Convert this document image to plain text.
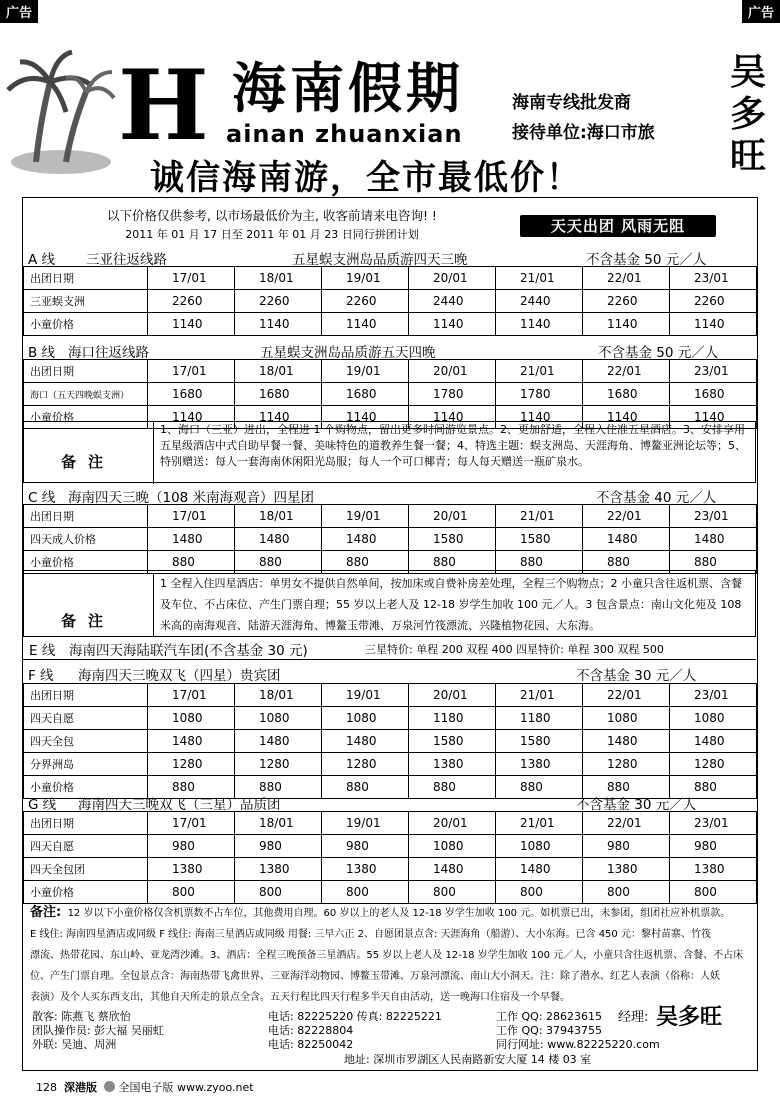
广告	广告
H 海南假期
ainan zhuanxian
海南专线批发商
接待单位:海口市旅
吴多旺
诚信海南游，全市最低价！
以下价格仅供参考, 以市场最低价为主, 收客前请来电咨询! !
2011 年 01 月 17 日至 2011 年 01 月 23 日同行拼团计划	天天出团 风雨无阻
A 线 三亚往返线路	五星蜈支洲岛品质游四天三晚	不含基金 50 元／人
出团日期	17/01	18/01	19/01	20/01	21/01	22/01	23/01
三亚蜈支洲	2260	2260	2260	2440	2440	2260	2260
小童价格	1140	1140	1140	1140	1140	1140	1140
B 线 海口往返线路	五星蜈支洲岛品质游五天四晚	不含基金 50 元／人
出团日期	17/01	18/01	19/01	20/01	21/01	22/01	23/01
海口（五天四晚蜈支洲）	1680	1680	1680	1780	1780	1680	1680
小童价格	1140	1140	1140	1140	1140	1140	1140
备注
1、海口（三亚）进出，全程进 1 个购物点，留出更多时间游览景点。2、更加舒适，全程入住准五星酒店。3、安排享用五星级酒店中式自助早餐一餐、美味特色的道教养生餐一餐；4、特选主题：蜈支洲岛、天涯海角、博鳌亚洲论坛等；5、特别赠送：每人一套海南休闲阳光岛服；每人一个可口椰青；每人每天赠送一瓶矿泉水。
C 线 海南四天三晚（108 米南海观音）四星团	不含基金 40 元／人
出团日期	17/01	18/01	19/01	20/01	21/01	22/01	23/01
四天成人价格	1480	1480	1480	1580	1580	1480	1480
小童价格	880	880	880	880	880	880	880
备注
1 全程入住四星酒店：单男女不提供自然单间，按加床或自费补房差处理，全程三个购物点；2 小童只含往返机票、含餐及车位、不占床位、产生门票自理；55 岁以上老人及 12-18 岁学生加收 100 元／人。3 包含景点：南山文化苑及 108 米高的南海观音、陆游天涯海角、博鳌玉带滩、万泉河竹筏漂流、兴隆植物花园、大东海。
E 线 海南四天海陆联汽车团(不含基金 30 元)	三星特价: 单程 200 双程 400 四星特价: 单程 300 双程 500
F 线 海南四天三晚双飞（四星）贵宾团	不含基金 30 元／人
出团日期	17/01	18/01	19/01	20/01	21/01	22/01	23/01
四天自愿	1080	1080	1080	1180	1180	1080	1080
四天全包	1480	1480	1480	1580	1580	1480	1480
分界洲岛	1280	1280	1280	1380	1380	1280	1280
小童价格	880	880	880	880	880	880	880
G 线 海南四天三晚双飞（三星）品质团	不含基金 30 元／人
出团日期	17/01	18/01	19/01	20/01	21/01	22/01	23/01
四天自愿	980	980	980	1080	1080	980	980
四天全包团	1380	1380	1380	1480	1480	1380	1380
小童价格	800	800	800	800	800	800	800
备注: 12 岁以下小童价格仅含机票数不占车位，其他费用自理。60 岁以上的老人及 12-18 岁学生加收 100 元。如机票已出，未参团，组团社应补机票款。
E 线住: 海南四星酒店或同级 F 线住: 海南三星酒店或同级 用餐: 三早六正 2、自愿团景点含: 天涯海角（船游）、大小东海。已含 450 元：黎村苗寨、竹筏
漂流、热带花园、东山岭、亚龙湾沙滩。3、酒店：全程三晚预备三星酒店。55 岁以上老人及 12-18 岁学生加收 100 元／人，小童只含往返机票、含餐、不占床
位、产生门票自理。全包景点含：海南热带飞禽世界、三亚海洋动物园、博鳌玉带滩、万泉河漂流、南山大小洞天。注：除了潜水、红艺人表演（俗称：人妖
表演）及个人买东西支出，其他自天所走的景点全含。五天行程比四天行程多半天自由活动，送一晚海口住宿及一个早餐。
散客: 陈燕飞 蔡欣怡	电话: 82225220 传真: 82225221	工作 QQ: 28623615 经理: 吴多旺
团队操作员: 彭大福 吴丽虹	电话: 82228804	工作 QQ: 37943755
外联: 吴迪、周洲	电话: 82250042	同行网址: www.82225220.com
地址: 深圳市罗湖区人民南路新安大厦 14 楼 03 室
128 深港版 全国电子版 www.zyoo.net
